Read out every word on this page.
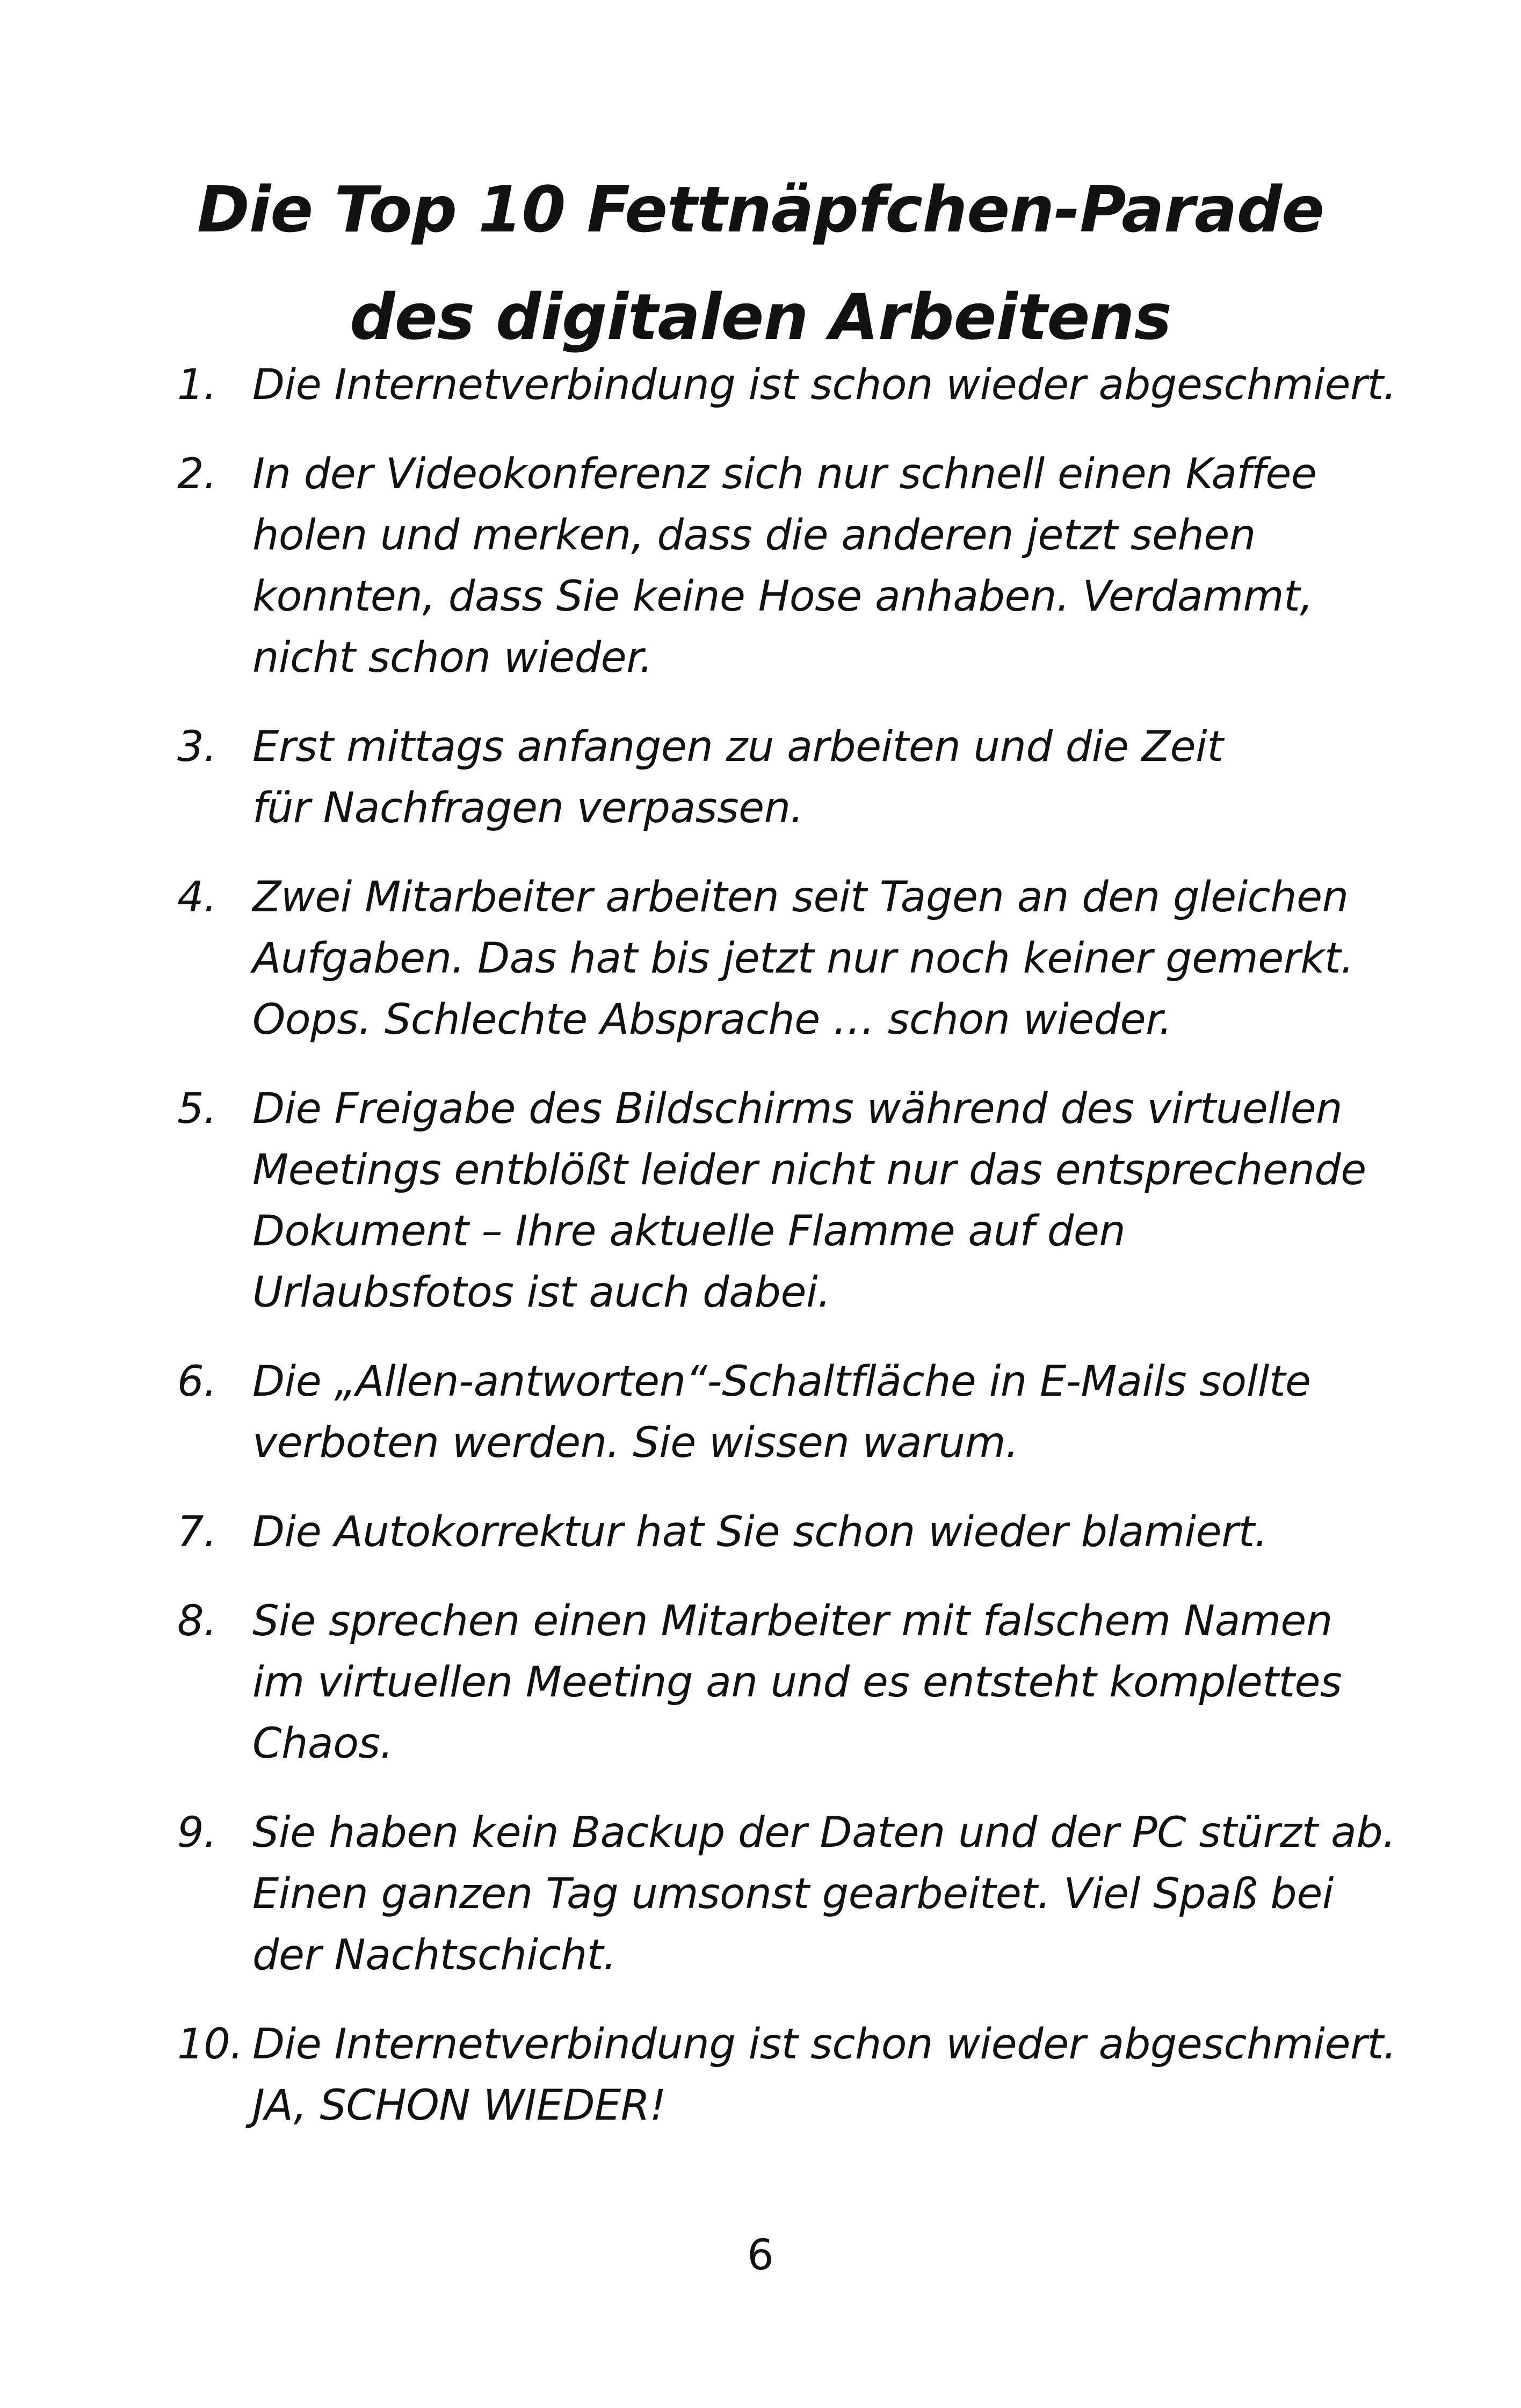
Die Top 10 Fettnäpfchen-Parade
des digitalen Arbeitens
1. Die Internetverbindung ist schon wieder abgeschmiert.
2. In der Videokonferenz sich nur schnell einen Kaffee
holen und merken, dass die anderen jetzt sehen
konnten, dass Sie keine Hose anhaben. Verdammt,
nicht schon wieder.
3. Erst mittags anfangen zu arbeiten und die Zeit
für Nachfragen verpassen.
4. Zwei Mitarbeiter arbeiten seit Tagen an den gleichen
Aufgaben. Das hat bis jetzt nur noch keiner gemerkt.
Oops. Schlechte Absprache … schon wieder.
5. Die Freigabe des Bildschirms während des virtuellen
Meetings entblößt leider nicht nur das entsprechende
Dokument – Ihre aktuelle Flamme auf den
Urlaubsfotos ist auch dabei.
6. Die „Allen-antworten“-Schaltfläche in E-Mails sollte
verboten werden. Sie wissen warum.
7. Die Autokorrektur hat Sie schon wieder blamiert.
8. Sie sprechen einen Mitarbeiter mit falschem Namen
im virtuellen Meeting an und es entsteht komplettes
Chaos.
9. Sie haben kein Backup der Daten und der PC stürzt ab.
Einen ganzen Tag umsonst gearbeitet. Viel Spaß bei
der Nachtschicht.
10. Die Internetverbindung ist schon wieder abgeschmiert.
JA, SCHON WIEDER!
6
